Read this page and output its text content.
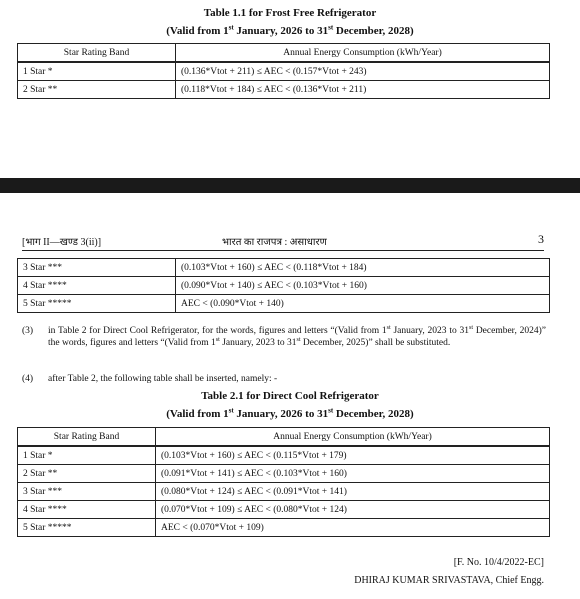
Table 1.1 for Frost Free Refrigerator
(Valid from 1st January, 2026 to 31st December, 2028)
Star Rating Band	Annual Energy Consumption (kWh/Year)
1 Star *	(0.136*Vtot + 211) ≤ AEC < (0.157*Vtot + 243)
2 Star **	(0.118*Vtot + 184) ≤ AEC < (0.136*Vtot + 211)
[भाग II—खण्ड 3(ii)]	भारत का राजपत्र : असाधारण	3
3 Star ***	(0.103*Vtot + 160) ≤ AEC < (0.118*Vtot + 184)
4 Star ****	(0.090*Vtot + 140) ≤ AEC < (0.103*Vtot + 160)
5 Star *****	AEC < (0.090*Vtot + 140)
(3) in Table 2 for Direct Cool Refrigerator, for the words, figures and letters “(Valid from 1st January, 2023 to 31st December, 2024)” the words, figures and letters “(Valid from 1st January, 2023 to 31st December, 2025)” shall be substituted.
(4) after Table 2, the following table shall be inserted, namely: -
Table 2.1 for Direct Cool Refrigerator
(Valid from 1st January, 2026 to 31st December, 2028)
Star Rating Band	Annual Energy Consumption (kWh/Year)
1 Star *	(0.103*Vtot + 160) ≤ AEC < (0.115*Vtot + 179)
2 Star **	(0.091*Vtot + 141) ≤ AEC < (0.103*Vtot + 160)
3 Star ***	(0.080*Vtot + 124) ≤ AEC < (0.091*Vtot + 141)
4 Star ****	(0.070*Vtot + 109) ≤ AEC < (0.080*Vtot + 124)
5 Star *****	AEC < (0.070*Vtot + 109)
[F. No. 10/4/2022-EC]
DHIRAJ KUMAR SRIVASTAVA, Chief Engg.
